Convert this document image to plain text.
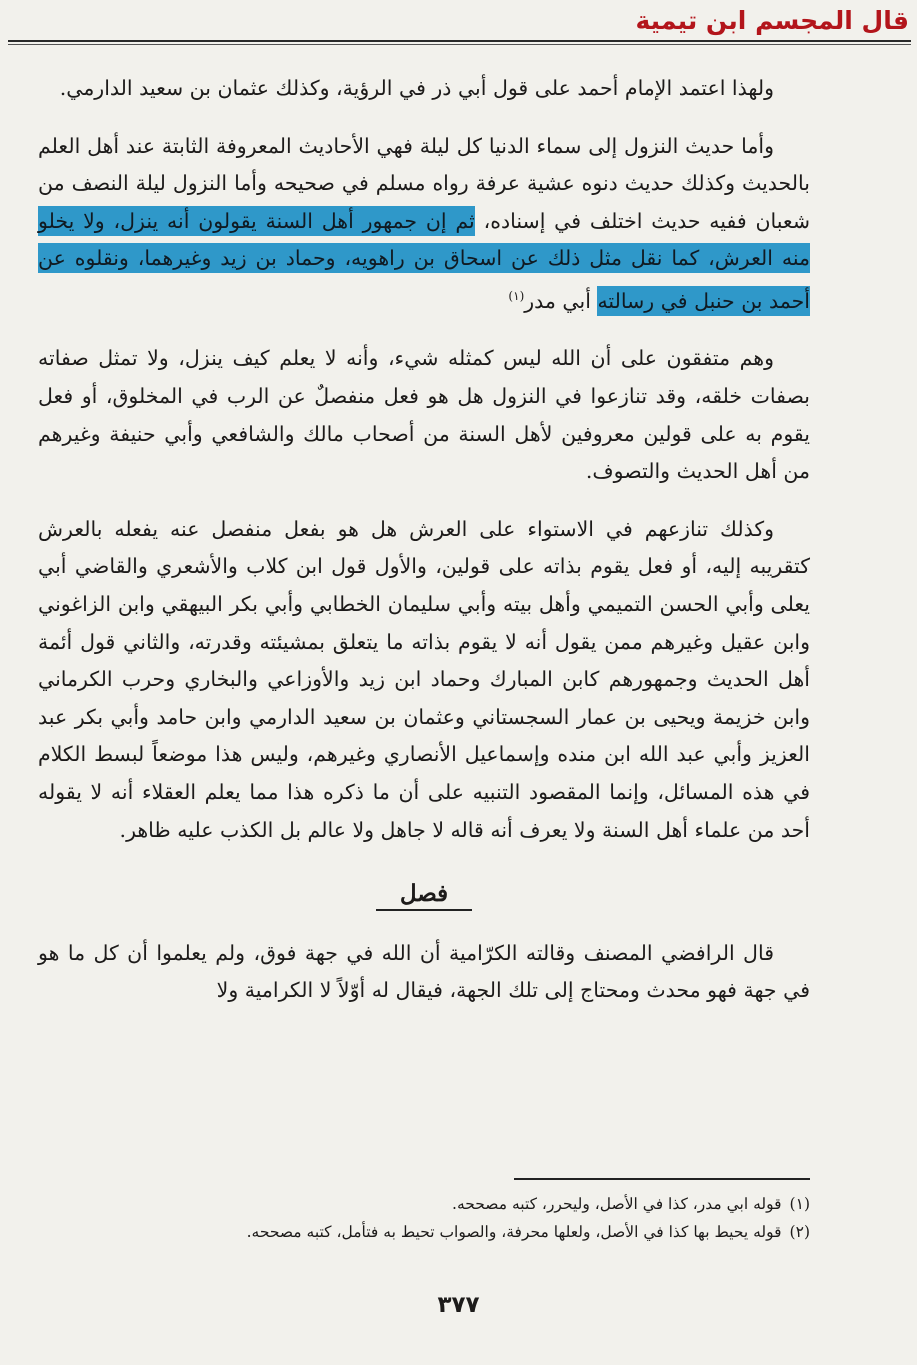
قال المجسم ابن تيمية

ولهذا اعتمد الإمام أحمد على قول أبي ذر في الرؤية، وكذلك عثمان بن سعيد الدارمي.

وأما حديث النزول إلى سماء الدنيا كل ليلة فهي الأحاديث المعروفة الثابتة عند أهل العلم بالحديث وكذلك حديث دنوه عشية عرفة رواه مسلم في صحيحه وأما النزول ليلة النصف من شعبان ففيه حديث اختلف في إسناده، ثم إن جمهور أهل السنة يقولون أنه ينزل، ولا يخلو منه العرش، كما نقل مثل ذلك عن اسحاق بن راهويه، وحماد بن زيد وغيرهما، ونقلوه عن أحمد بن حنبل في رسالته أبي مدر$^{(١)}$

وهم متفقون على أن الله ليس كمثله شيء، وأنه لا يعلم كيف ينزل، ولا تمثل صفاته بصفات خلقه، وقد تنازعوا في النزول هل هو فعل منفصلٌ عن الرب في المخلوق، أو فعل يقوم به على قولين معروفين لأهل السنة من أصحاب مالك والشافعي وأبي حنيفة وغيرهم من أهل الحديث والتصوف.

وكذلك تنازعهم في الاستواء على العرش هل هو بفعل منفصل عنه يفعله بالعرش كتقريبه إليه، أو فعل يقوم بذاته على قولين، والأول قول ابن كلاب والأشعري والقاضي أبي يعلى وأبي الحسن التميمي وأهل بيته وأبي سليمان الخطابي وأبي بكر البيهقي وابن الزاغوني وابن عقيل وغيرهم ممن يقول أنه لا يقوم بذاته ما يتعلق بمشيئته وقدرته، والثاني قول أئمة أهل الحديث وجمهورهم كابن المبارك وحماد ابن زيد والأوزاعي والبخاري وحرب الكرماني وابن خزيمة ويحيى بن عمار السجستاني وعثمان بن سعيد الدارمي وابن حامد وأبي بكر عبد العزيز وأبي عبد الله ابن منده وإسماعيل الأنصاري وغيرهم، وليس هذا موضعاً لبسط الكلام في هذه المسائل، وإنما المقصود التنبيه على أن ما ذكره هذا مما يعلم العقلاء أنه لا يقوله أحد من علماء أهل السنة ولا يعرف أنه قاله لا جاهل ولا عالم بل الكذب عليه ظاهر.

فصل

قال الرافضي المصنف وقالته الكرّامية أن الله في جهة فوق، ولم يعلموا أن كل ما هو في جهة فهو محدث ومحتاج إلى تلك الجهة، فيقال له أوّلاً لا الكرامية ولا

(١)قوله ابي مدر، كذا في الأصل، وليحرر، كتبه مصححه.

(٢)قوله يحيط بها كذا في الأصل، ولعلها محرفة، والصواب تحيط به فتأمل، كتبه مصححه.

٣٧٧
